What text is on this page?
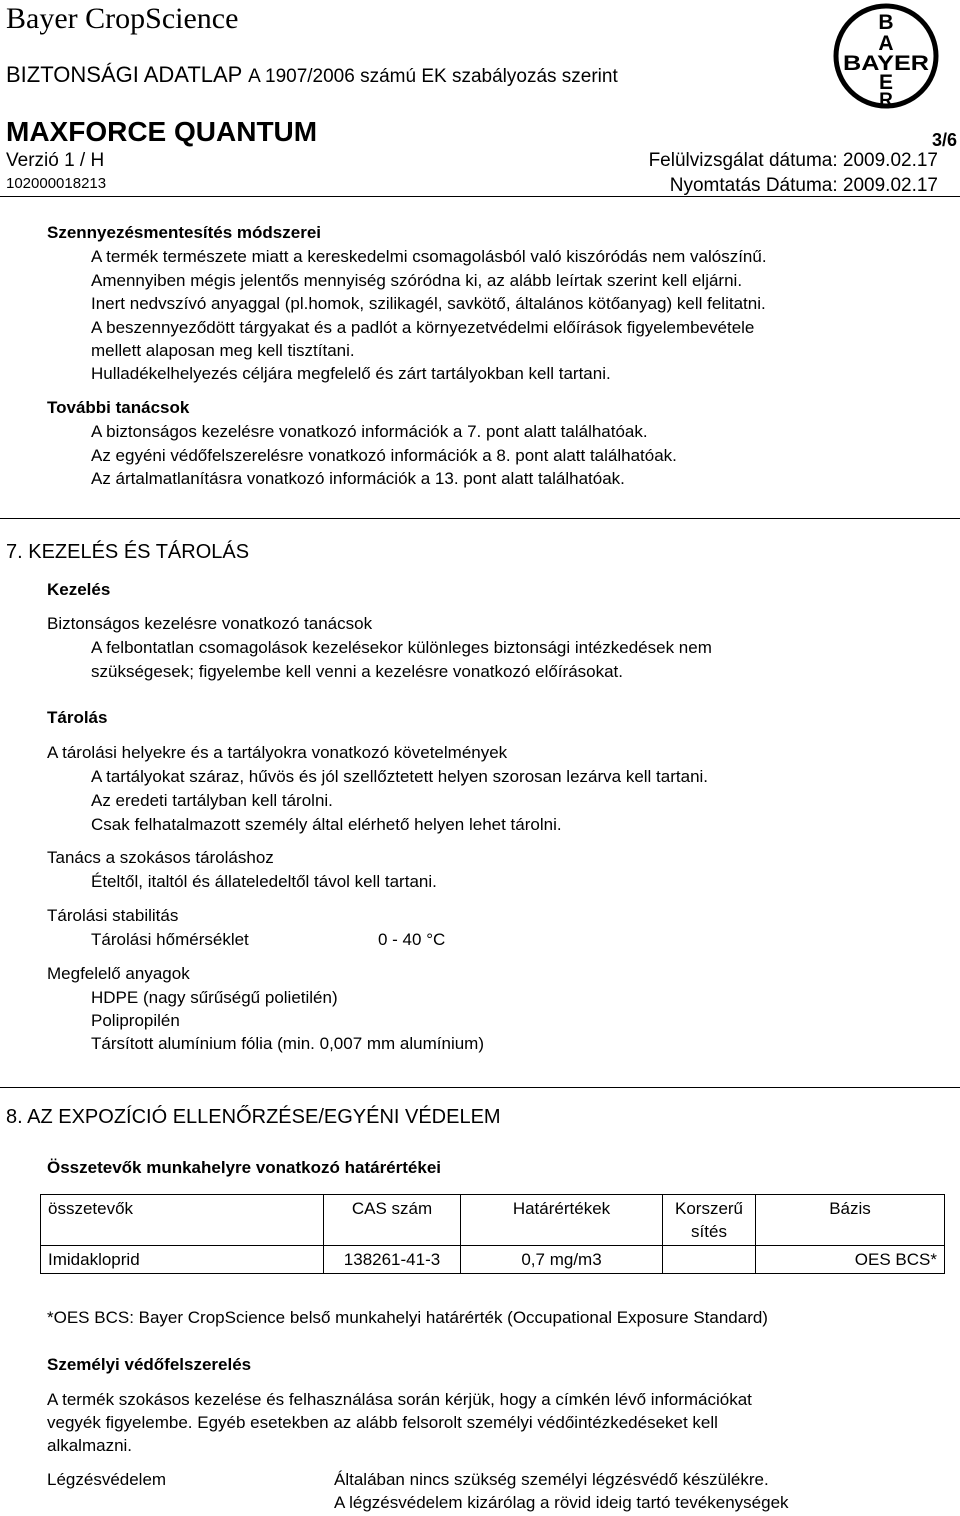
Bayer CropScience
BIZTONSÁGI ADATLAP A 1907/2006 számú EK szabályozás szerint
MAXFORCE QUANTUM	3/6
Verzió 1 / H	Felülvizsgálat dátuma: 2009.02.17
102000018213	Nyomtatás Dátuma: 2009.02.17
B
A
BAYER
E
R
Szennyezésmentesítés módszerei
A termék természete miatt a kereskedelmi csomagolásból való kiszóródás nem valószínű.
Amennyiben mégis jelentős mennyiség szóródna ki, az alább leírtak szerint kell eljárni.
Inert nedvszívó anyaggal (pl.homok, szilikagél, savkötő, általános kötőanyag) kell felitatni.
A beszennyeződött tárgyakat és a padlót a környezetvédelmi előírások figyelembevétele
mellett alaposan meg kell tisztítani.
Hulladékelhelyezés céljára megfelelő és zárt tartályokban kell tartani.
További tanácsok
A biztonságos kezelésre vonatkozó információk a 7. pont alatt találhatóak.
Az egyéni védőfelszerelésre vonatkozó információk a 8. pont alatt találhatóak.
Az ártalmatlanításra vonatkozó információk a 13. pont alatt találhatóak.
7. KEZELÉS ÉS TÁROLÁS
Kezelés
Biztonságos kezelésre vonatkozó tanácsok
A felbontatlan csomagolások kezelésekor különleges biztonsági intézkedések nem
szükségesek; figyelembe kell venni a kezelésre vonatkozó előírásokat.
Tárolás
A tárolási helyekre és a tartályokra vonatkozó követelmények
A tartályokat száraz, hűvös és jól szellőztetett helyen szorosan lezárva kell tartani.
Az eredeti tartályban kell tárolni.
Csak felhatalmazott személy által elérhető helyen lehet tárolni.
Tanács a szokásos tároláshoz
Ételtől, italtól és állateledeltől távol kell tartani.
Tárolási stabilitás
Tárolási hőmérséklet	0 - 40 °C
Megfelelő anyagok
HDPE (nagy sűrűségű polietilén)
Polipropilén
Társított alumínium fólia (min. 0,007 mm alumínium)
8. AZ EXPOZÍCIÓ ELLENŐRZÉSE/EGYÉNI VÉDELEM
Összetevők munkahelyre vonatkozó határértékei
összetevők	CAS szám	Határértékek	Korszerű sítés	Bázis
Imidakloprid	138261-41-3	0,7 mg/m3		OES BCS*
*OES BCS: Bayer CropScience belső munkahelyi határérték (Occupational Exposure Standard)
Személyi védőfelszerelés
A termék szokásos kezelése és felhasználása során kérjük, hogy a címkén lévő információkat
vegyék figyelembe. Egyéb esetekben az alább felsorolt személyi védőintézkedéseket kell
alkalmazni.
Légzésvédelem	Általában nincs szükség személyi légzésvédő készülékre.
A légzésvédelem kizárólag a rövid ideig tartó tevékenységek
